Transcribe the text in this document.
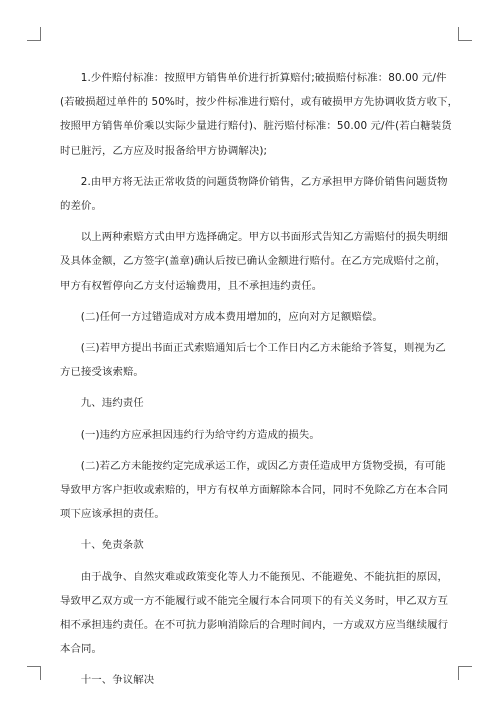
1.少件赔付标准：按照甲方销售单价进行折算赔付;破损赔付标准：80.00 元/件
(若破损超过单件的 50%时，按少件标准进行赔付，或有破损甲方先协调收货方收下，
按照甲方销售单价乘以实际少量进行赔付)、脏污赔付标准：50.00 元/件(若白糖装货
时已脏污，乙方应及时报备给甲方协调解决);
2.由甲方将无法正常收货的问题货物降价销售，乙方承担甲方降价销售问题货物
的差价。
以上两种索赔方式由甲方选择确定。甲方以书面形式告知乙方需赔付的损失明细
及具体金额，乙方签字(盖章)确认后按已确认金额进行赔付。在乙方完成赔付之前，
甲方有权暂停向乙方支付运输费用，且不承担违约责任。
(二)任何一方过错造成对方成本费用增加的，应向对方足额赔偿。
(三)若甲方提出书面正式索赔通知后七个工作日内乙方未能给予答复，则视为乙
方已接受该索赔。
九、违约责任
(一)违约方应承担因违约行为给守约方造成的损失。
(二)若乙方未能按约定完成承运工作，或因乙方责任造成甲方货物受损，有可能
导致甲方客户拒收或索赔的，甲方有权单方面解除本合同，同时不免除乙方在本合同
项下应该承担的责任。
十、免责条款
由于战争、自然灾难或政策变化等人力不能预见、不能避免、不能抗拒的原因，
导致甲乙双方或一方不能履行或不能完全履行本合同项下的有关义务时，甲乙双方互
相不承担违约责任。在不可抗力影响消除后的合理时间内，一方或双方应当继续履行
本合同。
十一、争议解决
